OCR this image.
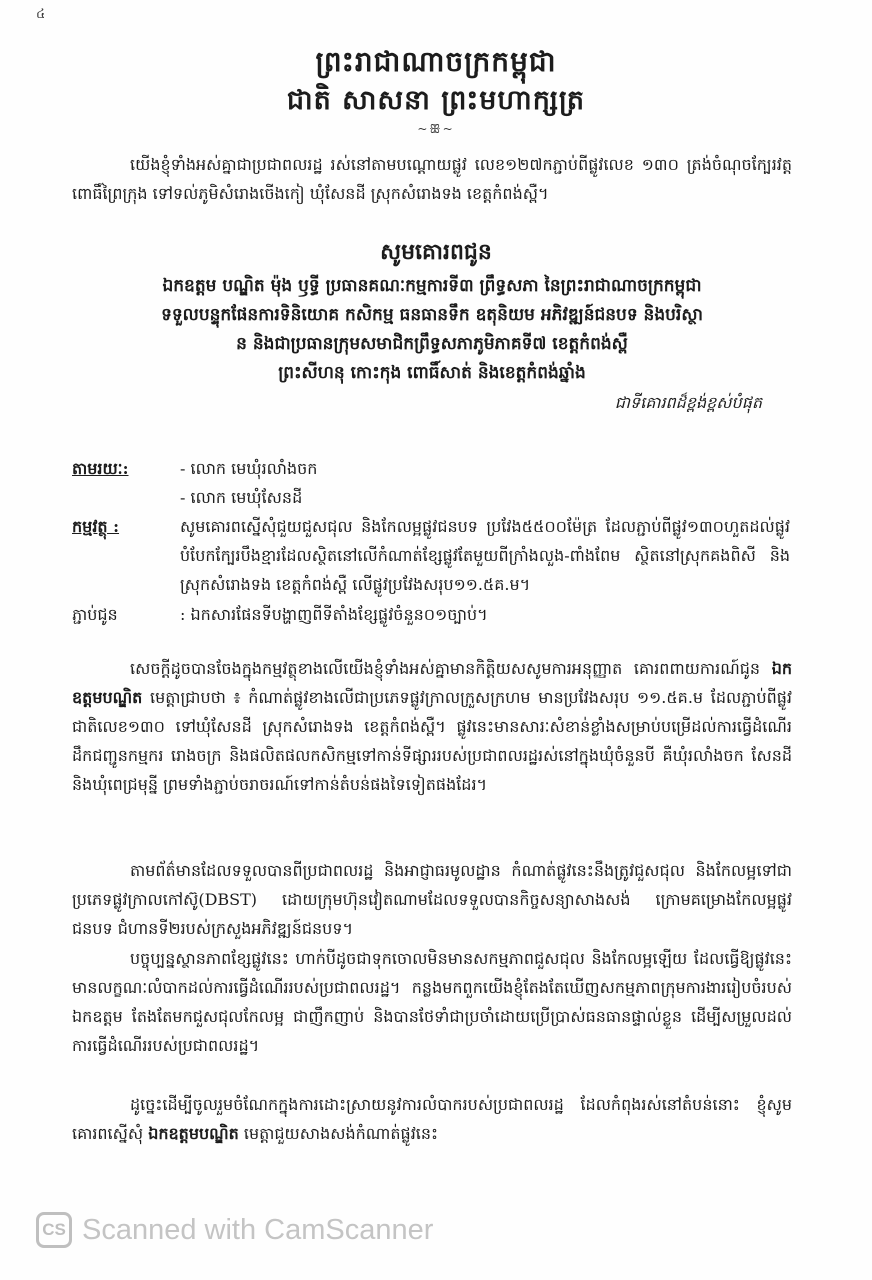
៤
ព្រះរាជាណាចក្រកម្ពុជា
ជាតិ សាសនា ព្រះមហាក្សត្រ
~ꕥ~
យើងខ្ញុំទាំងអស់គ្នាជាប្រជាពលរដ្ឋ រស់នៅតាមបណ្តោយផ្លូវ លេខ១២៧កភ្ជាប់ពីផ្លូវលេខ ១៣០ ត្រង់ចំណុចក្បែរវត្តពោធិ៍ព្រៃក្រុង ទៅទល់ភូមិសំរោងចើងកៀ ឃុំសែនដី ស្រុកសំរោងទង ខេត្តកំពង់ស្ពឺ។
សូមគោរពជូន
ឯកឧត្តម បណ្ឌិត ម៉ុង ឫទ្ធី ប្រធានគណៈកម្មការទី៣ ព្រឹទ្ធសភា នៃព្រះរាជាណាចក្រកម្ពុជា
ទទួលបន្ទុកផែនការទិនិយោគ កសិកម្ម ធនធានទឹក ឧតុនិយម អភិវឌ្ឍន៍ជនបទ និងបរិស្ថា
ន និងជាប្រធានក្រុមសមាជិកព្រឹទ្ធសភាភូមិភាគទី៧ ខេត្តកំពង់ស្ពឺ
ព្រះសីហនុ កោះកុង ពោធិ៍សាត់ និងខេត្តកំពង់ឆ្នាំង
ជាទីគោរពដ៏ខ្ពង់ខ្ពស់បំផុត
តាមរយៈ:	- លោក មេឃុំរលាំងចក
- លោក មេឃុំសែនដី
កម្មវត្ថុ :	សូមគោរពស្នើសុំជួយជួសជុល និងកែលម្អផ្លូវជនបទ ប្រវែង៥៥០០ម៉ែត្រ ដែលភ្ជាប់ពីផ្លូវ១៣០ហួតដល់ផ្លូវបំបែកក្បែរបឹងខ្មារដែលស្ថិតនៅលើកំណាត់ខ្សែផ្លូវតែមួយពីក្រាំងលួង-ពាំងពែម ស្ថិតនៅស្រុកគងពិសី និងស្រុកសំរោងទង ខេត្តកំពង់ស្ពឺ លើផ្លូវប្រវែងសរុប១១.៥គ.ម។
ភ្ជាប់ជូន	: ឯកសារផែនទីបង្ហាញពីទីតាំងខ្សែផ្លូវចំនួន០១ច្បាប់។
សេចក្តីដូចបានចែងក្នុងកម្មវត្ថុខាងលើយើងខ្ញុំទាំងអស់គ្នាមានកិត្តិយសសូមការអនុញ្ញាត គោរពពាយការណ៍ជូន ឯកឧត្តមបណ្ឌិត មេត្តាជ្រាបថា ៖ កំណាត់ផ្លូវខាងលើជាប្រភេទផ្លូវក្រាលក្រួសក្រហម មានប្រវែងសរុប ១១.៥គ.ម ដែលភ្ជាប់ពីផ្លូវជាតិលេខ១៣០ ទៅឃុំសែនដី ស្រុកសំរោងទង ខេត្តកំពង់ស្ពឺ។ ផ្លូវនេះមានសារៈសំខាន់ខ្លាំងសម្រាប់បម្រើដល់ការធ្វើដំណើរ ដឹកជញ្ជូនកម្មករ រោងចក្រ និងផលិតផលកសិកម្មទៅកាន់ទីផ្សាររបស់ប្រជាពលរដ្ឋរស់នៅក្នុងឃុំចំនួនបី គឺឃុំរលាំងចក សែនដី និងឃុំពេជ្រមុន្នី ព្រមទាំងភ្ជាប់ចរាចរណ៍ទៅកាន់តំបន់ផងទៃទៀតផងដែរ។
តាមព័ត៌មានដែលទទួលបានពីប្រជាពលរដ្ឋ និងអាជ្ញាធរមូលដ្ឋាន កំណាត់ផ្លូវនេះនឹងត្រូវជួសជុល និងកែលម្អទៅជាប្រភេទផ្លូវក្រាលកៅស៊ូ(DBST) ដោយក្រុមហ៊ុនវៀតណាមដែលទទួលបានកិច្ចសន្យាសាងសង់ ក្រោមគម្រោងកែលម្អផ្លូវជនបទ ជំហានទី២របស់ក្រសួងអភិវឌ្ឍន៍ជនបទ។
បច្ចុប្បន្នស្ថានភាពខ្សែផ្លូវនេះ ហាក់បីដូចជាទុកចោលមិនមានសកម្មភាពជួសជុល និងកែលម្អឡើយ ដែលធ្វើឱ្យផ្លូវនេះមានលក្ខណៈលំបាកដល់ការធ្វើដំណើររបស់ប្រជាពលរដ្ឋ។ កន្លងមកពួកយើងខ្ញុំតែងតែឃើញសកម្មភាពក្រុមការងាររៀបចំរបស់ ឯកឧត្តម តែងតែមកជួសជុលកែលម្អ ជាញឹកញាប់ និងបានថែទាំជាប្រចាំដោយប្រើប្រាស់ធនធានផ្ទាល់ខ្លួន ដើម្បីសម្រួលដល់ការធ្វើដំណើររបស់ប្រជាពលរដ្ឋ។
ដូច្នេះដើម្បីចូលរួមចំណែកក្នុងការដោះស្រាយនូវការលំបាករបស់ប្រជាពលរដ្ឋ ដែលកំពុងរស់នៅតំបន់នោះ ខ្ញុំសូមគោរពស្នើសុំ ឯកឧត្តមបណ្ឌិត មេត្តាជួយសាងសង់កំណាត់ផ្លូវនេះ
CS Scanned with CamScanner
